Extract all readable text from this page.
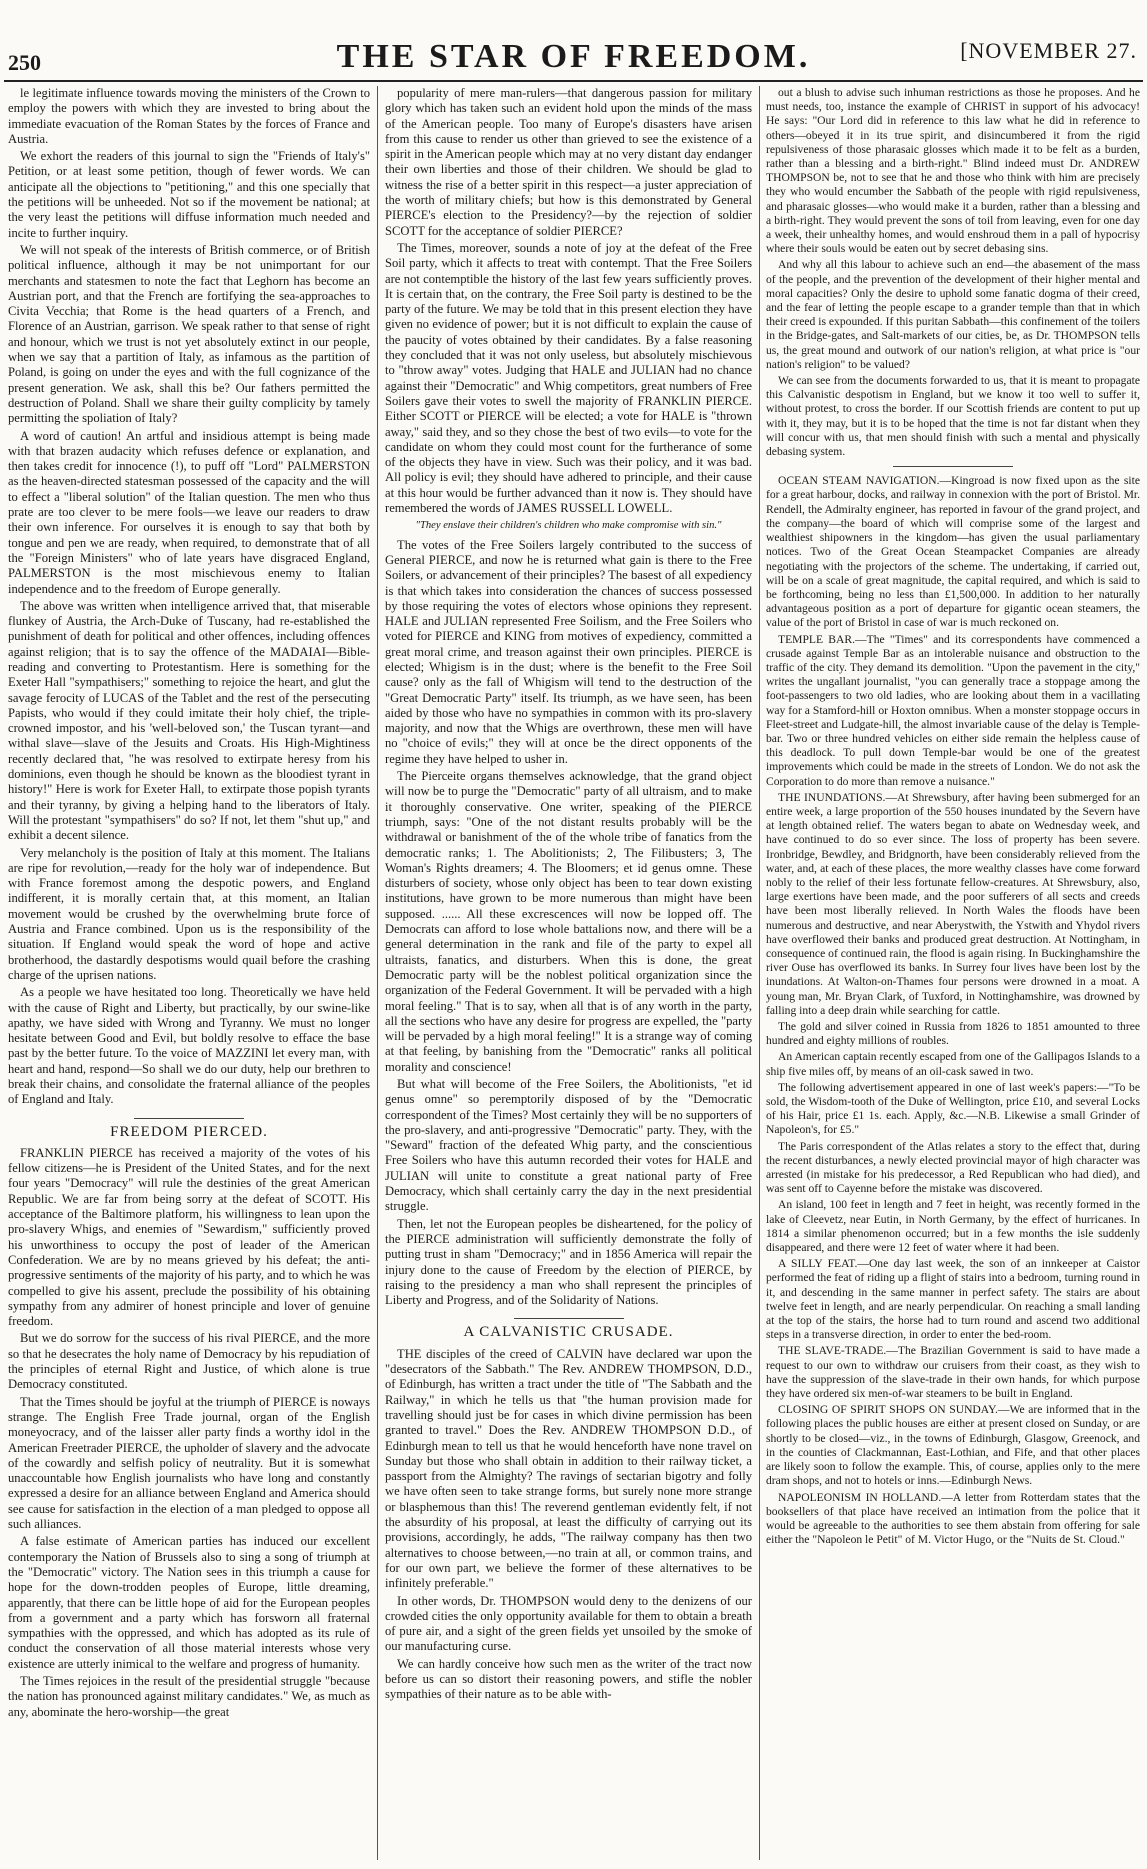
250	THE STAR OF FREEDOM.	[NOVEMBER 27.

le legitimate influence towards moving the ministers of the Crown to employ the powers with which they are invested to bring about the immediate evacuation of the Roman States by the forces of France and Austria.

We exhort the readers of this journal to sign the "Friends of Italy's" Petition, or at least some petition, though of fewer words. We can anticipate all the objections to "petitioning," and this one specially that the petitions will be unheeded. Not so if the movement be national; at the very least the petitions will diffuse information much needed and incite to further inquiry.

We will not speak of the interests of British commerce, or of British political influence, although it may be not unimportant for our merchants and statesmen to note the fact that Leghorn has become an Austrian port, and that the French are fortifying the sea-approaches to Civita Vecchia; that Rome is the head quarters of a French, and Florence of an Austrian, garrison. We speak rather to that sense of right and honour, which we trust is not yet absolutely extinct in our people, when we say that a partition of Italy, as infamous as the partition of Poland, is going on under the eyes and with the full cognizance of the present generation. We ask, shall this be? Our fathers permitted the destruction of Poland. Shall we share their guilty complicity by tamely permitting the spoliation of Italy?

A word of caution! An artful and insidious attempt is being made with that brazen audacity which refuses defence or explanation, and then takes credit for innocence (!), to puff off "Lord" PALMERSTON as the heaven-directed statesman possessed of the capacity and the will to effect a "liberal solution" of the Italian question. The men who thus prate are too clever to be mere fools—we leave our readers to draw their own inference. For ourselves it is enough to say that both by tongue and pen we are ready, when required, to demonstrate that of all the "Foreign Ministers" who of late years have disgraced England, PALMERSTON is the most mischievous enemy to Italian independence and to the freedom of Europe generally.

The above was written when intelligence arrived that, that miserable flunkey of Austria, the Arch-Duke of Tuscany, had re-established the punishment of death for political and other offences, including offences against religion; that is to say the offence of the MADAIAI—Bible-reading and converting to Protestantism. Here is something for the Exeter Hall "sympathisers;" something to rejoice the heart, and glut the savage ferocity of LUCAS of the Tablet and the rest of the persecuting Papists, who would if they could imitate their holy chief, the triple-crowned impostor, and his 'well-beloved son,' the Tuscan tyrant—and withal slave—slave of the Jesuits and Croats. His High-Mightiness recently declared that, "he was resolved to extirpate heresy from his dominions, even though he should be known as the bloodiest tyrant in history!" Here is work for Exeter Hall, to extirpate those popish tyrants and their tyranny, by giving a helping hand to the liberators of Italy. Will the protestant "sympathisers" do so? If not, let them "shut up," and exhibit a decent silence.

Very melancholy is the position of Italy at this moment. The Italians are ripe for revolution,—ready for the holy war of independence. But with France foremost among the despotic powers, and England indifferent, it is morally certain that, at this moment, an Italian movement would be crushed by the overwhelming brute force of Austria and France combined. Upon us is the responsibility of the situation. If England would speak the word of hope and active brotherhood, the dastardly despotisms would quail before the crashing charge of the uprisen nations.

As a people we have hesitated too long. Theoretically we have held with the cause of Right and Liberty, but practically, by our swine-like apathy, we have sided with Wrong and Tyranny. We must no longer hesitate between Good and Evil, but boldly resolve to efface the base past by the better future. To the voice of MAZZINI let every man, with heart and hand, respond—So shall we do our duty, help our brethren to break their chains, and consolidate the fraternal alliance of the peoples of England and Italy.

FREEDOM PIERCED.

FRANKLIN PIERCE has received a majority of the votes of his fellow citizens—he is President of the United States, and for the next four years "Democracy" will rule the destinies of the great American Republic. We are far from being sorry at the defeat of SCOTT. His acceptance of the Baltimore platform, his willingness to lean upon the pro-slavery Whigs, and enemies of "Sewardism," sufficiently proved his unworthiness to occupy the post of leader of the American Confederation. We are by no means grieved by his defeat; the anti-progressive sentiments of the majority of his party, and to which he was compelled to give his assent, preclude the possibility of his obtaining sympathy from any admirer of honest principle and lover of genuine freedom.

But we do sorrow for the success of his rival PIERCE, and the more so that he desecrates the holy name of Democracy by his repudiation of the principles of eternal Right and Justice, of which alone is true Democracy constituted.

That the Times should be joyful at the triumph of PIERCE is noways strange. The English Free Trade journal, organ of the English moneyocracy, and of the laisser aller party finds a worthy idol in the American Freetrader PIERCE, the upholder of slavery and the advocate of the cowardly and selfish policy of neutrality. But it is somewhat unaccountable how English journalists who have long and constantly expressed a desire for an alliance between England and America should see cause for satisfaction in the election of a man pledged to oppose all such alliances.

A false estimate of American parties has induced our excellent contemporary the Nation of Brussels also to sing a song of triumph at the "Democratic" victory. The Nation sees in this triumph a cause for hope for the down-trodden peoples of Europe, little dreaming, apparently, that there can be little hope of aid for the European peoples from a government and a party which has forsworn all fraternal sympathies with the oppressed, and which has adopted as its rule of conduct the conservation of all those material interests whose very existence are utterly inimical to the welfare and progress of humanity.

The Times rejoices in the result of the presidential struggle "because the nation has pronounced against military candidates." We, as much as any, abominate the hero-worship—the great

popularity of mere man-rulers—that dangerous passion for military glory which has taken such an evident hold upon the minds of the mass of the American people. Too many of Europe's disasters have arisen from this cause to render us other than grieved to see the existence of a spirit in the American people which may at no very distant day endanger their own liberties and those of their children. We should be glad to witness the rise of a better spirit in this respect—a juster appreciation of the worth of military chiefs; but how is this demonstrated by General PIERCE's election to the Presidency?—by the rejection of soldier SCOTT for the acceptance of soldier PIERCE?

The Times, moreover, sounds a note of joy at the defeat of the Free Soil party, which it affects to treat with contempt. That the Free Soilers are not contemptible the history of the last few years sufficiently proves. It is certain that, on the contrary, the Free Soil party is destined to be the party of the future. We may be told that in this present election they have given no evidence of power; but it is not difficult to explain the cause of the paucity of votes obtained by their candidates. By a false reasoning they concluded that it was not only useless, but absolutely mischievous to "throw away" votes. Judging that HALE and JULIAN had no chance against their "Democratic" and Whig competitors, great numbers of Free Soilers gave their votes to swell the majority of FRANKLIN PIERCE. Either SCOTT or PIERCE will be elected; a vote for HALE is "thrown away," said they, and so they chose the best of two evils—to vote for the candidate on whom they could most count for the furtherance of some of the objects they have in view. Such was their policy, and it was bad. All policy is evil; they should have adhered to principle, and their cause at this hour would be further advanced than it now is. They should have remembered the words of JAMES RUSSELL LOWELL.

"They enslave their children's children who make compromise with sin."

The votes of the Free Soilers largely contributed to the success of General PIERCE, and now he is returned what gain is there to the Free Soilers, or advancement of their principles? The basest of all expediency is that which takes into consideration the chances of success possessed by those requiring the votes of electors whose opinions they represent. HALE and JULIAN represented Free Soilism, and the Free Soilers who voted for PIERCE and KING from motives of expediency, committed a great moral crime, and treason against their own principles. PIERCE is elected; Whigism is in the dust; where is the benefit to the Free Soil cause? only as the fall of Whigism will tend to the destruction of the "Great Democratic Party" itself. Its triumph, as we have seen, has been aided by those who have no sympathies in common with its pro-slavery majority, and now that the Whigs are overthrown, these men will have no "choice of evils;" they will at once be the direct opponents of the regime they have helped to usher in.

The Pierceite organs themselves acknowledge, that the grand object will now be to purge the "Democratic" party of all ultraism, and to make it thoroughly conservative. One writer, speaking of the PIERCE triumph, says: "One of the not distant results probably will be the withdrawal or banishment of the of the whole tribe of fanatics from the democratic ranks; 1. The Abolitionists; 2, The Filibusters; 3, The Woman's Rights dreamers; 4. The Bloomers; et id genus omne. These disturbers of society, whose only object has been to tear down existing institutions, have grown to be more numerous than might have been supposed. ...... All these excrescences will now be lopped off. The Democrats can afford to lose whole battalions now, and there will be a general determination in the rank and file of the party to expel all ultraists, fanatics, and disturbers. When this is done, the great Democratic party will be the noblest political organization since the organization of the Federal Government. It will be pervaded with a high moral feeling." That is to say, when all that is of any worth in the party, all the sections who have any desire for progress are expelled, the "party will be pervaded by a high moral feeling!" It is a strange way of coming at that feeling, by banishing from the "Democratic" ranks all political morality and conscience!

But what will become of the Free Soilers, the Abolitionists, "et id genus omne" so peremptorily disposed of by the "Democratic correspondent of the Times? Most certainly they will be no supporters of the pro-slavery, and anti-progressive "Democratic" party. They, with the "Seward" fraction of the defeated Whig party, and the conscientious Free Soilers who have this autumn recorded their votes for HALE and JULIAN will unite to constitute a great national party of Free Democracy, which shall certainly carry the day in the next presidential struggle.

Then, let not the European peoples be disheartened, for the policy of the PIERCE administration will sufficiently demonstrate the folly of putting trust in sham "Democracy;" and in 1856 America will repair the injury done to the cause of Freedom by the election of PIERCE, by raising to the presidency a man who shall represent the principles of Liberty and Progress, and of the Solidarity of Nations.

A CALVANISTIC CRUSADE.

THE disciples of the creed of CALVIN have declared war upon the "desecrators of the Sabbath." The Rev. ANDREW THOMPSON, D.D., of Edinburgh, has written a tract under the title of "The Sabbath and the Railway," in which he tells us that "the human provision made for travelling should just be for cases in which divine permission has been granted to travel." Does the Rev. ANDREW THOMPSON D.D., of Edinburgh mean to tell us that he would henceforth have none travel on Sunday but those who shall obtain in addition to their railway ticket, a passport from the Almighty? The ravings of sectarian bigotry and folly we have often seen to take strange forms, but surely none more strange or blasphemous than this! The reverend gentleman evidently felt, if not the absurdity of his proposal, at least the difficulty of carrying out its provisions, accordingly, he adds, "The railway company has then two alternatives to choose between,—no train at all, or common trains, and for our own part, we believe the former of these alternatives to be infinitely preferable."

In other words, Dr. THOMPSON would deny to the denizens of our crowded cities the only opportunity available for them to obtain a breath of pure air, and a sight of the green fields yet unsoiled by the smoke of our manufacturing curse.

We can hardly conceive how such men as the writer of the tract now before us can so distort their reasoning powers, and stifle the nobler sympathies of their nature as to be able with-

out a blush to advise such inhuman restrictions as those he proposes. And he must needs, too, instance the example of CHRIST in support of his advocacy! He says: "Our Lord did in reference to this law what he did in reference to others—obeyed it in its true spirit, and disincumbered it from the rigid repulsiveness of those pharasaic glosses which made it to be felt as a burden, rather than a blessing and a birth-right." Blind indeed must Dr. ANDREW THOMPSON be, not to see that he and those who think with him are precisely they who would encumber the Sabbath of the people with rigid repulsiveness, and pharasaic glosses—who would make it a burden, rather than a blessing and a birth-right. They would prevent the sons of toil from leaving, even for one day a week, their unhealthy homes, and would enshroud them in a pall of hypocrisy where their souls would be eaten out by secret debasing sins.

And why all this labour to achieve such an end—the abasement of the mass of the people, and the prevention of the development of their higher mental and moral capacities? Only the desire to uphold some fanatic dogma of their creed, and the fear of letting the people escape to a grander temple than that in which their creed is expounded. If this puritan Sabbath—this confinement of the toilers in the Bridge-gates, and Salt-markets of our cities, be, as Dr. THOMPSON tells us, the great mound and outwork of our nation's religion, at what price is "our nation's religion" to be valued?

We can see from the documents forwarded to us, that it is meant to propagate this Calvanistic despotism in England, but we know it too well to suffer it, without protest, to cross the border. If our Scottish friends are content to put up with it, they may, but it is to be hoped that the time is not far distant when they will concur with us, that men should finish with such a mental and physically debasing system.

OCEAN STEAM NAVIGATION.—Kingroad is now fixed upon as the site for a great harbour, docks, and railway in connexion with the port of Bristol. Mr. Rendell, the Admiralty engineer, has reported in favour of the grand project, and the company—the board of which will comprise some of the largest and wealthiest shipowners in the kingdom—has given the usual parliamentary notices. Two of the Great Ocean Steampacket Companies are already negotiating with the projectors of the scheme. The undertaking, if carried out, will be on a scale of great magnitude, the capital required, and which is said to be forthcoming, being no less than £1,500,000. In addition to her naturally advantageous position as a port of departure for gigantic ocean steamers, the value of the port of Bristol in case of war is much reckoned on.

TEMPLE BAR.—The "Times" and its correspondents have commenced a crusade against Temple Bar as an intolerable nuisance and obstruction to the traffic of the city. They demand its demolition. "Upon the pavement in the city," writes the ungallant journalist, "you can generally trace a stoppage among the foot-passengers to two old ladies, who are looking about them in a vacillating way for a Stamford-hill or Hoxton omnibus. When a monster stoppage occurs in Fleet-street and Ludgate-hill, the almost invariable cause of the delay is Temple-bar. Two or three hundred vehicles on either side remain the helpless cause of this deadlock. To pull down Temple-bar would be one of the greatest improvements which could be made in the streets of London. We do not ask the Corporation to do more than remove a nuisance."

THE INUNDATIONS.—At Shrewsbury, after having been submerged for an entire week, a large proportion of the 550 houses inundated by the Severn have at length obtained relief. The waters began to abate on Wednesday week, and have continued to do so ever since. The loss of property has been severe. Ironbridge, Bewdley, and Bridgnorth, have been considerably relieved from the water, and, at each of these places, the more wealthy classes have come forward nobly to the relief of their less fortunate fellow-creatures. At Shrewsbury, also, large exertions have been made, and the poor sufferers of all sects and creeds have been most liberally relieved. In North Wales the floods have been numerous and destructive, and near Aberystwith, the Ystwith and Yhydol rivers have overflowed their banks and produced great destruction. At Nottingham, in consequence of continued rain, the flood is again rising. In Buckinghamshire the river Ouse has overflowed its banks. In Surrey four lives have been lost by the inundations. At Walton-on-Thames four persons were drowned in a moat. A young man, Mr. Bryan Clark, of Tuxford, in Nottinghamshire, was drowned by falling into a deep drain while searching for cattle.

The gold and silver coined in Russia from 1826 to 1851 amounted to three hundred and eighty millions of roubles.

An American captain recently escaped from one of the Gallipagos Islands to a ship five miles off, by means of an oil-cask sawed in two.

The following advertisement appeared in one of last week's papers:—"To be sold, the Wisdom-tooth of the Duke of Wellington, price £10, and several Locks of his Hair, price £1 1s. each. Apply, &c.—N.B. Likewise a small Grinder of Napoleon's, for £5."

The Paris correspondent of the Atlas relates a story to the effect that, during the recent disturbances, a newly elected provincial mayor of high character was arrested (in mistake for his predecessor, a Red Republican who had died), and was sent off to Cayenne before the mistake was discovered.

An island, 100 feet in length and 7 feet in height, was recently formed in the lake of Cleevetz, near Eutin, in North Germany, by the effect of hurricanes. In 1814 a similar phenomenon occurred; but in a few months the isle suddenly disappeared, and there were 12 feet of water where it had been.

A SILLY FEAT.—One day last week, the son of an innkeeper at Caistor performed the feat of riding up a flight of stairs into a bedroom, turning round in it, and descending in the same manner in perfect safety. The stairs are about twelve feet in length, and are nearly perpendicular. On reaching a small landing at the top of the stairs, the horse had to turn round and ascend two additional steps in a transverse direction, in order to enter the bed-room.

THE SLAVE-TRADE.—The Brazilian Government is said to have made a request to our own to withdraw our cruisers from their coast, as they wish to have the suppression of the slave-trade in their own hands, for which purpose they have ordered six men-of-war steamers to be built in England.

CLOSING OF SPIRIT SHOPS ON SUNDAY.—We are informed that in the following places the public houses are either at present closed on Sunday, or are shortly to be closed—viz., in the towns of Edinburgh, Glasgow, Greenock, and in the counties of Clackmannan, East-Lothian, and Fife, and that other places are likely soon to follow the example. This, of course, applies only to the mere dram shops, and not to hotels or inns.—Edinburgh News.

NAPOLEONISM IN HOLLAND.—A letter from Rotterdam states that the booksellers of that place have received an intimation from the police that it would be agreeable to the authorities to see them abstain from offering for sale either the "Napoleon le Petit" of M. Victor Hugo, or the "Nuits de St. Cloud."
